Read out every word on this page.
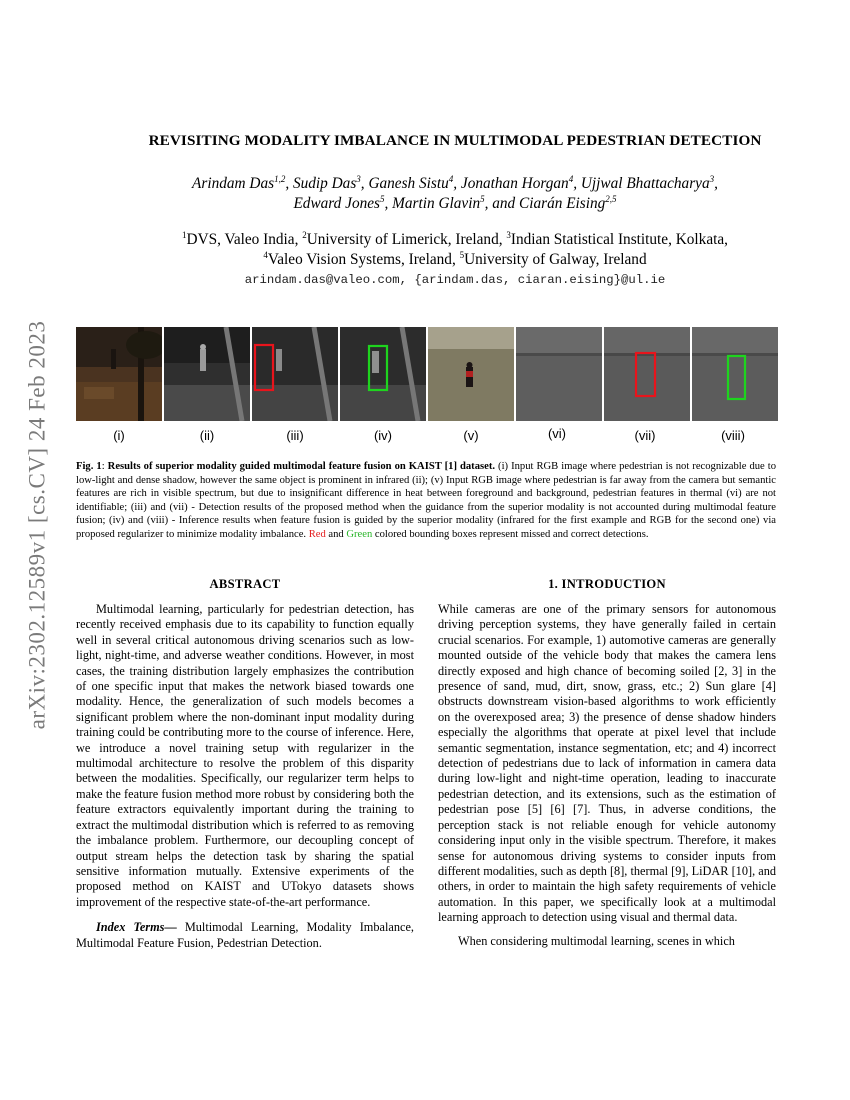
arXiv:2302.12589v1 [cs.CV] 24 Feb 2023
REVISITING MODALITY IMBALANCE IN MULTIMODAL PEDESTRIAN DETECTION
Arindam Das$^{1,2}$, Sudip Das$^3$, Ganesh Sistu$^4$, Jonathan Horgan$^4$, Ujjwal Bhattacharya$^3$,
Edward Jones$^5$, Martin Glavin$^5$, and Ciarán Eising$^{2,5}$
$^1$DVS, Valeo India, $^2$University of Limerick, Ireland, $^3$Indian Statistical Institute, Kolkata,
$^4$Valeo Vision Systems, Ireland, $^5$University of Galway, Ireland
arindam.das@valeo.com, {arindam.das, ciaran.eising}@ul.ie
(i)	(ii)	(iii)	(iv)	(v)	(vi)	(vii)	(viii)
Fig. 1: Results of superior modality guided multimodal feature fusion on KAIST [1] dataset. (i) Input RGB image where pedestrian is not recognizable due to low-light and dense shadow, however the same object is prominent in infrared (ii); (v) Input RGB image where pedestrian is far away from the camera but semantic features are rich in visible spectrum, but due to insignificant difference in heat between foreground and background, pedestrian features in thermal (vi) are not identifiable; (iii) and (vii) - Detection results of the proposed method when the guidance from the superior modality is not accounted during multimodal feature fusion; (iv) and (viii) - Inference results when feature fusion is guided by the superior modality (infrared for the first example and RGB for the second one) via proposed regularizer to minimize modality imbalance. Red and Green colored bounding boxes represent missed and correct detections.
ABSTRACT

Multimodal learning, particularly for pedestrian detection, has recently received emphasis due to its capability to function equally well in several critical autonomous driving scenarios such as low-light, night-time, and adverse weather conditions. However, in most cases, the training distribution largely emphasizes the contribution of one specific input that makes the network biased towards one modality. Hence, the generalization of such models becomes a significant problem where the non-dominant input modality during training could be contributing more to the course of inference. Here, we introduce a novel training setup with regularizer in the multimodal architecture to resolve the problem of this disparity between the modalities. Specifically, our regularizer term helps to make the feature fusion method more robust by considering both the feature extractors equivalently important during the training to extract the multimodal distribution which is referred to as removing the imbalance problem. Furthermore, our decoupling concept of output stream helps the detection task by sharing the spatial sensitive information mutually. Extensive experiments of the proposed method on KAIST and UTokyo datasets shows improvement of the respective state-of-the-art performance.

Index Terms— Multimodal Learning, Modality Imbalance, Multimodal Feature Fusion, Pedestrian Detection.

1. INTRODUCTION

While cameras are one of the primary sensors for autonomous driving perception systems, they have generally failed in certain crucial scenarios. For example, 1) automotive cameras are generally mounted outside of the vehicle body that makes the camera lens directly exposed and high chance of becoming soiled [2, 3] in the presence of sand, mud, dirt, snow, grass, etc.; 2) Sun glare [4] obstructs downstream vision-based algorithms to work efficiently on the overexposed area; 3) the presence of dense shadow hinders especially the algorithms that operate at pixel level that include semantic segmentation, instance segmentation, etc; and 4) incorrect detection of pedestrians due to lack of information in camera data during low-light and night-time operation, leading to inaccurate pedestrian detection, and its extensions, such as the estimation of pedestrian pose [5] [6] [7]. Thus, in adverse conditions, the perception stack is not reliable enough for vehicle autonomy considering input only in the visible spectrum. Therefore, it makes sense for autonomous driving systems to consider inputs from different modalities, such as depth [8], thermal [9], LiDAR [10], and others, in order to maintain the high safety requirements of vehicle automation. In this paper, we specifically look at a multimodal learning approach to detection using visual and thermal data.

When considering multimodal learning, scenes in which
